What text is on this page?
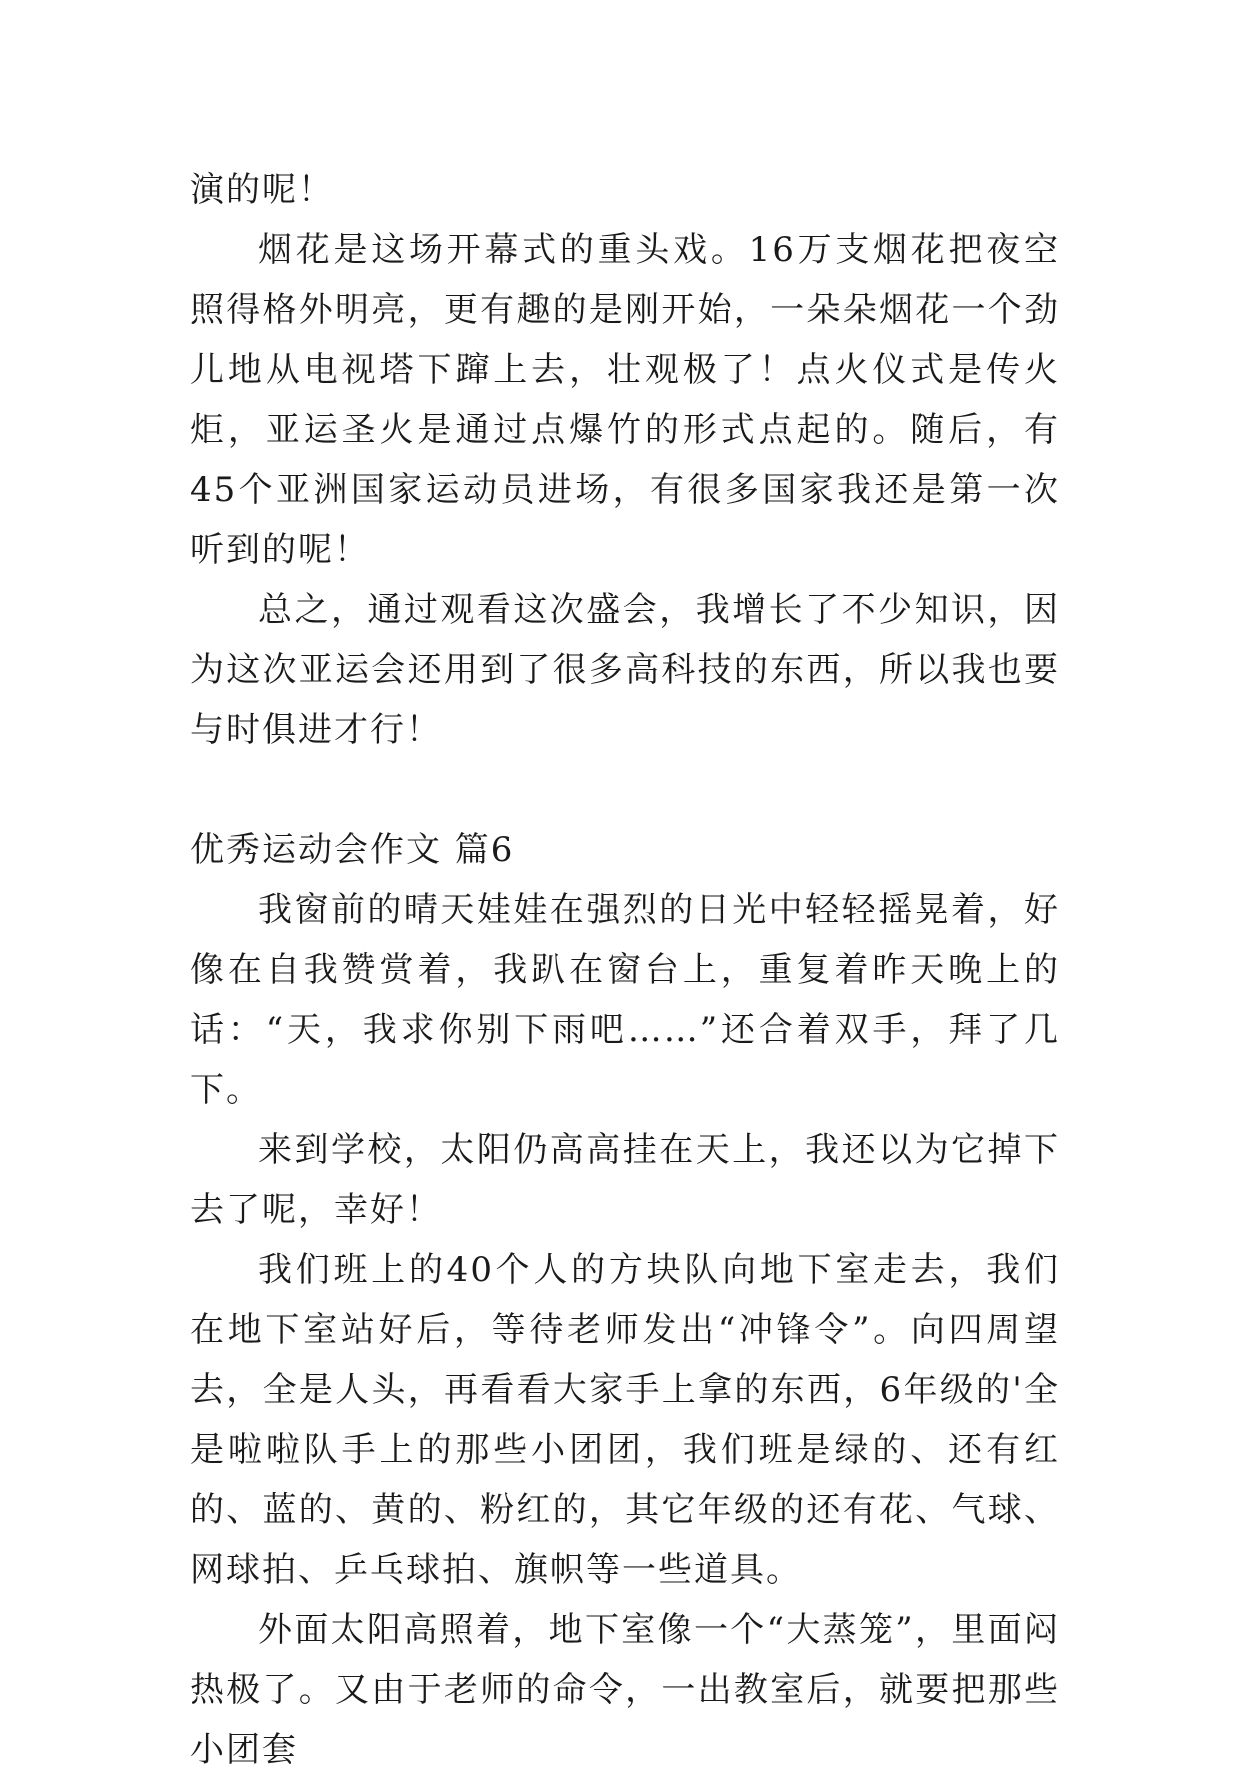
演的呢！

烟花是这场开幕式的重头戏。16万支烟花把夜空照得格外明亮，更有趣的是刚开始，一朵朵烟花一个劲儿地从电视塔下蹿上去，壮观极了！点火仪式是传火炬，亚运圣火是通过点爆竹的形式点起的。随后，有45个亚洲国家运动员进场，有很多国家我还是第一次听到的呢！

总之，通过观看这次盛会，我增长了不少知识，因为这次亚运会还用到了很多高科技的东西，所以我也要与时俱进才行！

优秀运动会作文 篇6

我窗前的晴天娃娃在强烈的日光中轻轻摇晃着，好像在自我赞赏着，我趴在窗台上，重复着昨天晚上的话：“天，我求你别下雨吧……”还合着双手，拜了几下。

来到学校，太阳仍高高挂在天上，我还以为它掉下去了呢，幸好！

我们班上的40个人的方块队向地下室走去，我们在地下室站好后，等待老师发出“冲锋令”。向四周望去，全是人头，再看看大家手上拿的东西，6年级的'全是啦啦队手上的那些小团团，我们班是绿的、还有红的、蓝的、黄的、粉红的，其它年级的还有花、气球、网球拍、乒乓球拍、旗帜等一些道具。

外面太阳高照着，地下室像一个“大蒸笼”，里面闷热极了。又由于老师的命令，一出教室后，就要把那些小团套
